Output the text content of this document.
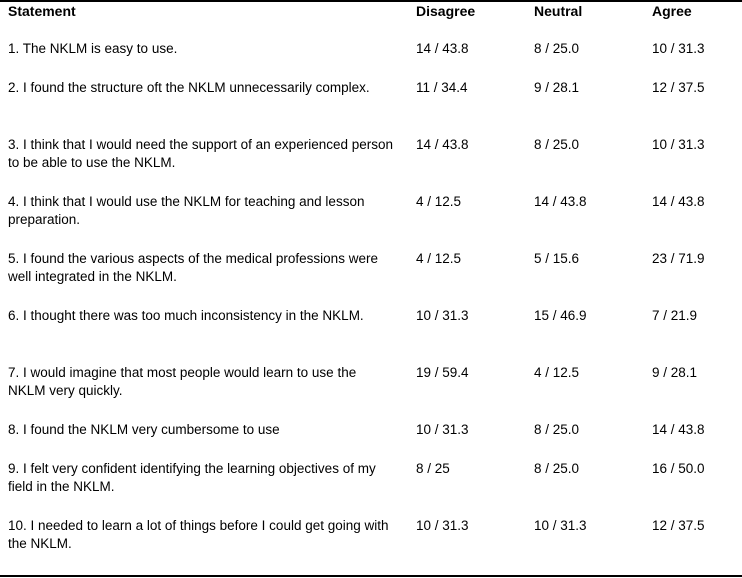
Statement	Disagree	Neutral	Agree
1. The NKLM is easy to use.	14 / 43.8	8 / 25.0	10 / 31.3
2. I found the structure oft the NKLM unnecessarily complex.	11 / 34.4	9 / 28.1	12 / 37.5
3. I think that I would need the support of an experienced person to be able to use the NKLM.	14 / 43.8	8 / 25.0	10 / 31.3
4. I think that I would use the NKLM for teaching and lesson preparation.	4 / 12.5	14 / 43.8	14 / 43.8
5. I found the various aspects of the medical professions were well integrated in the NKLM.	4 / 12.5	5 / 15.6	23 / 71.9
6. I thought there was too much inconsistency in the NKLM.	10 / 31.3	15 / 46.9	7 / 21.9
7. I would imagine that most people would learn to use the NKLM very quickly.	19 / 59.4	4 / 12.5	9 / 28.1
8. I found the NKLM very cumbersome to use	10 / 31.3	8 / 25.0	14 / 43.8
9. I felt very confident identifying the learning objectives of my field in the NKLM.	8 / 25	8 / 25.0	16 / 50.0
10. I needed to learn a lot of things before I could get going with the NKLM.	10 / 31.3	10 / 31.3	12 / 37.5
